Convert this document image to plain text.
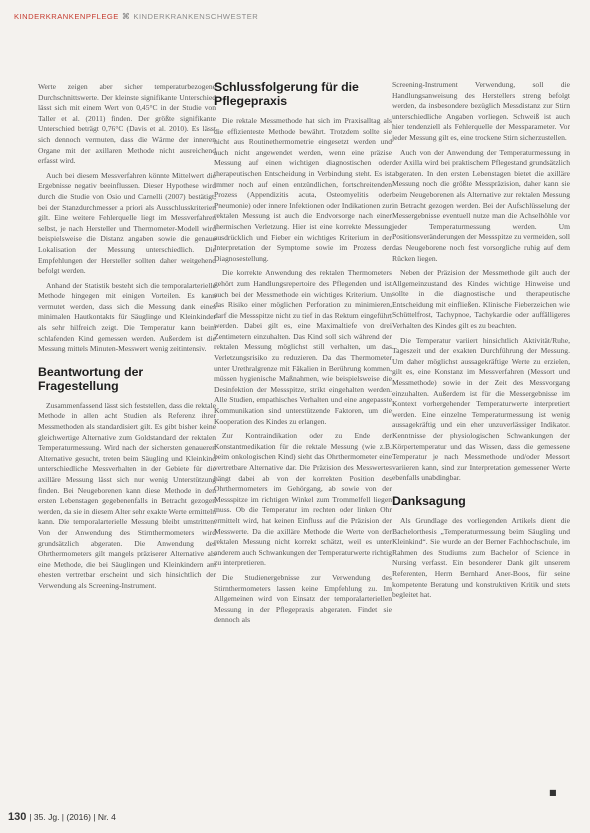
KINDERKRANKENPFLEGE ⌘ KINDERKRANKENSCHWESTER

Werte zeigen aber sicher temperaturbezogene Durchschnittswerte. Der kleinste signifikante Unterschied lässt sich mit einem Wert von 0,45°C in der Studie von Taller et al. (2011) finden. Der größte signifikante Unterschied beträgt 0,76°C (Davis et al. 2010). Es lässt sich dennoch vermuten, dass die Wärme der inneren Organe mit der axillaren Methode nicht ausreichend erfasst wird.

Auch bei diesem Messverfahren könnte Mittelwert die Ergebnisse negativ beeinflussen. Dieser Hypothese wird durch die Studie von Osio und Carnelli (2007) bestätigt, bei der Stanzdurchmesser a priori als Ausschlusskriterien gilt. Eine weitere Fehlerquelle liegt im Messverfahren selbst, je nach Hersteller und Thermometer-Modell wird beispielsweise die Distanz angaben sowie die genaue Lokalisation der Messung unterschiedlich. Die Empfehlungen der Hersteller sollten daher weitgehend befolgt werden.

Anhand der Statistik besteht sich die temporalarterielle Methode hingegen mit einigen Vorteilen. Es kann vermutet werden, dass sich die Messung dank eines minimalen Hautkontakts für Säuglinge und Kleinkinder als sehr hilfreich zeigt. Die Temperatur kann beim schlafenden Kind gemessen werden. Außerdem ist die Messung mittels Minuten-Messwert wenig zeitintensiv.

Beantwortung der Fragestellung

Zusammenfassend lässt sich feststellen, dass die rektale Methode in allen acht Studien als Referenz ihrer Messmethoden als standardisiert gilt. Es gibt bisher keine gleichwertige Alternative zum Goldstandard der rektalen Temperaturmessung. Wird nach der sichersten genaueren Alternative gesucht, treten beim Säugling und Kleinkind unterschiedliche Messverhalten in der Gebiete für die axilläre Messung lässt sich nur wenig Unterstützung finden. Bei Neugeborenen kann diese Methode in den ersten Lebenstagen gegebenenfalls in Betracht gezogen werden, da sie in diesem Alter sehr exakte Werte ermitteln kann. Die temporalarterielle Messung bleibt umstritten. Von der Anwendung des Stirnthermometers wird grundsätzlich abgeraten. Die Anwendung des Ohrthermometers gilt mangels präziserer Alternative als eine Methode, die bei Säuglingen und Kleinkindern am ehesten vertretbar erscheint und sich hinsichtlich der Verwendung als Screening-Instrument.

Schlussfolgerung für die Pflegepraxis

Die rektale Messmethode hat sich im Praxisalltag als die effizienteste Methode bewährt. Trotzdem sollte sie nicht aus Routinethermometrie eingesetzt werden und auch nicht angewendet werden, wenn eine präzise Messung auf einen wichtigen diagnostischen oder therapeutischen Entscheidung in Verbindung steht. Es ist immer noch auf einen entzündlichen, fortschreitenden Prozess (Appendizitis acuta, Osteomyelitis oder Pneumonie) oder innere Infektionen oder Indikationen zur rektalen Messung ist auch die Endvorsorge nach einer thermischen Verletzung. Hier ist eine korrekte Messung ausdrücklich und Fieber ein wichtiges Kriterium in der Interpretation der Symptome sowie im Prozess der Diagnosestellung.

Die korrekte Anwendung des rektalen Thermometers gehört zum Handlungsrepertoire des Pflegenden und ist auch bei der Messmethode ein wichtiges Kriterium. Um das Risiko einer möglichen Perforation zu minimieren, darf die Messspitze nicht zu tief in das Rektum eingeführt werden. Dabei gilt es, eine Maximaltiefe von drei Zentimetern einzuhalten. Das Kind soll sich während der rektalen Messung möglichst still verhalten, um das Verletzungsrisiko zu reduzieren. Da das Thermometer unter Urethralgrenze mit Fäkalien in Berührung kommen, müssen hygienische Maßnahmen, wie beispielsweise die Desinfektion der Messspitze, strikt eingehalten werden. Alle Studien, empathisches Verhalten und eine angepasste Kommunikation sind unterstützende Faktoren, um die Kooperation des Kindes zu erlangen.

Zur Kontraindikation oder zu Ende der Konstantmedikation für die rektale Messung (wie z.B. beim onkologischen Kind) sieht das Ohrthermometer eine vertretbare Alternative dar. Die Präzision des Messwertes hängt dabei ab von der korrekten Position des Ohrthermometers im Gehörgang, ab sowie von der Messspitze im richtigen Winkel zum Trommelfell liegen muss. Ob die Temperatur im rechten oder linken Ohr ermittelt wird, hat keinen Einfluss auf die Präzision der Messwerte. Da die axilläre Methode die Werte von der rektalen Messung nicht korrekt schätzt, weil es unter anderem auch Schwankungen der Temperaturwerte richtig zu interpretieren.

Die Studienergebnisse zur Verwendung des Stirnthermometers lassen keine Empfehlung zu. Im Allgemeinen wird von Einsatz der temporalarteriellen Messung in der Pflegepraxis abgeraten. Findet sie dennoch als

Screening-Instrument Verwendung, soll die Handlungsanweisung des Herstellers streng befolgt werden, da insbesondere bezüglich Messdistanz zur Stirn unterschiedliche Angaben vorliegen. Schweiß ist auch hier tendenziell als Fehlerquelle der Messparameter. Vor jeder Messung gilt es, eine trockene Stirn sicherzustellen.

Auch von der Anwendung der Temperaturmessung in der Axilla wird bei praktischem Pflegestand grundsätzlich abgeraten. In den ersten Lebenstagen bietet die axilläre Messung noch die größte Messpräzision, daher kann sie beim Neugeborenen als Alternative zur rektalen Messung in Betracht gezogen werden. Bei der Aufschlüsselung der Messergebnisse eventuell nutze man die Achselhöhle vor jeder Temperaturmessung werden. Um Positionsveränderungen der Messspitze zu vermeiden, soll das Neugeborene noch fest vorsorgliche ruhig auf dem Rücken liegen.

Neben der Präzision der Messmethode gilt auch der Allgemeinzustand des Kindes wichtige Hinweise und sollte in die diagnostische und therapeutische Entscheidung mit einfließen. Klinische Fieberzeichen wie Schüttelfrost, Tachypnoe, Tachykardie oder auffälligeres Verhalten des Kindes gilt es zu beachten.

Die Temperatur variiert hinsichtlich Aktivität/Ruhe, Tageszeit und der exakten Durchführung der Messung. Um daher möglichst aussagekräftige Werte zu erzielen, gilt es, eine Konstanz im Messverfahren (Messort und Messmethode) sowie in der Zeit des Messvorgang einzuhalten. Außerdem ist für die Messergebnisse im Kontext vorhergehender Temperaturwerte interpretiert werden. Eine einzelne Temperaturmessung ist wenig aussagekräftig und ein eher unzuverlässiger Indikator. Kenntnisse der physiologischen Schwankungen der Körpertemperatur und das Wissen, dass die gemessene Temperatur je nach Messmethode und/oder Messort variieren kann, sind zur Interpretation gemessener Werte ebenfalls unabdingbar.

Danksagung

Als Grundlage des vorliegenden Artikels dient die Bachelorthesis „Temperaturmessung beim Säugling und Kleinkind“. Sie wurde an der Berner Fachhochschule, im Rahmen des Studiums zum Bachelor of Science in Nursing verfasst. Ein besonderer Dank gilt unserem Referenten, Herrn Bernhard Aner-Boos, für seine kompetente Beratung und konstruktiven Kritik und stets begleitet hat.

■
130 | 35. Jg. | (2016) | Nr. 4
